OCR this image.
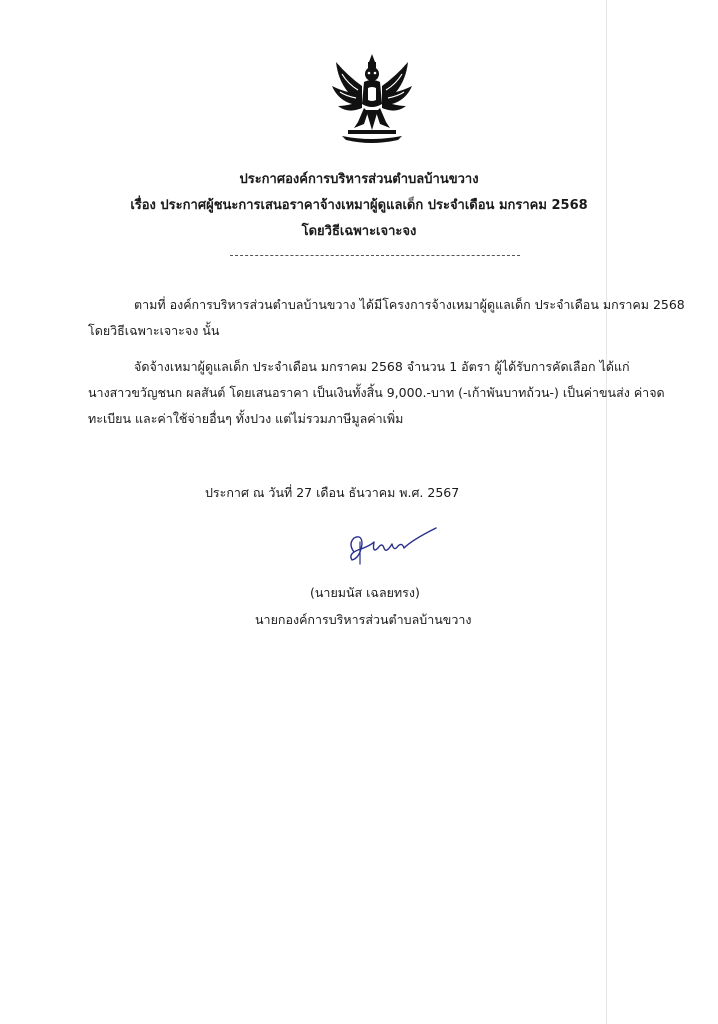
ประกาศองค์การบริหารส่วนตำบลบ้านขวาง
เรื่อง ประกาศผู้ชนะการเสนอราคาจ้างเหมาผู้ดูแลเด็ก ประจำเดือน มกราคม 2568
โดยวิธีเฉพาะเจาะจง
ตามที่ องค์การบริหารส่วนตำบลบ้านขวาง ได้มีโครงการจ้างเหมาผู้ดูแลเด็ก ประจำเดือน มกราคม 2568
โดยวิธีเฉพาะเจาะจง นั้น
จัดจ้างเหมาผู้ดูแลเด็ก ประจำเดือน มกราคม 2568 จำนวน 1 อัตรา ผู้ได้รับการคัดเลือก ได้แก่
นางสาวขวัญชนก ผลสันต์ โดยเสนอราคา เป็นเงินทั้งสิ้น 9,000.-บาท (-เก้าพันบาทถ้วน-) เป็นค่าขนส่ง ค่าจด
ทะเบียน และค่าใช้จ่ายอื่นๆ ทั้งปวง แต่ไม่รวมภาษีมูลค่าเพิ่ม
ประกาศ ณ วันที่ 27 เดือน ธันวาคม พ.ศ. 2567
(นายมนัส เฉลยทรง)
นายกองค์การบริหารส่วนตำบลบ้านขวาง
